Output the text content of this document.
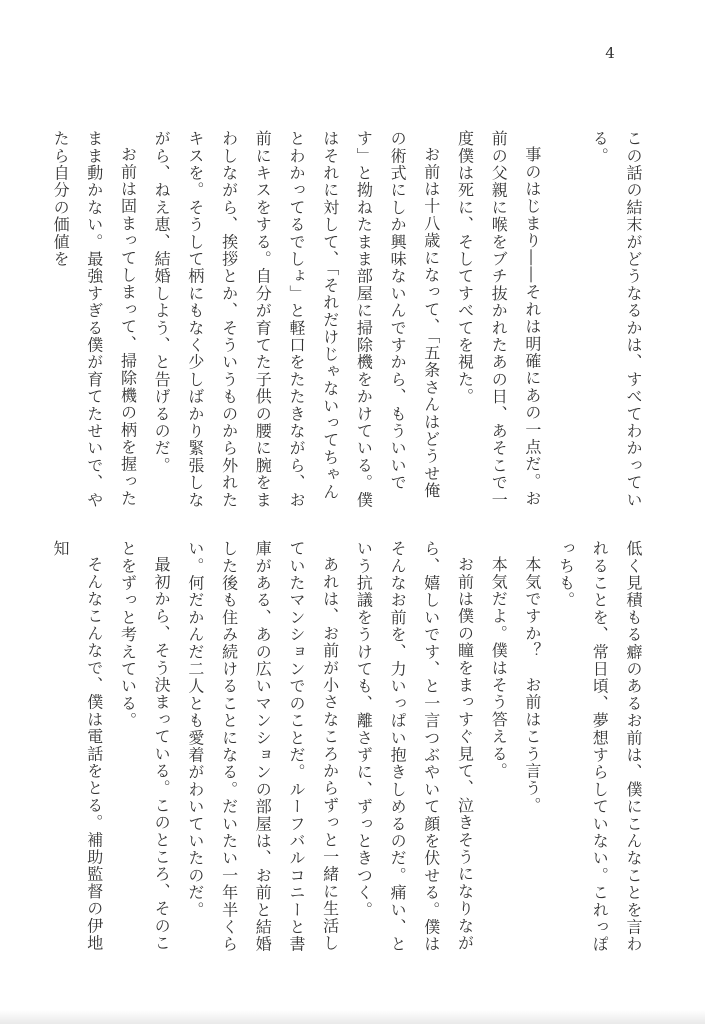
4

この話の結末がどうなるかは、すべてわかっている。

事のはじまり――それは明確にあの一点だ。お前の父親に喉をブチ抜かれたあの日、あそこで一度僕は死に、そしてすべてを視た。

お前は十八歳になって、「五条さんはどうせ俺の術式にしか興味ないんですから、もういいです」と拗ねたまま部屋に掃除機をかけている。僕はそれに対して、「それだけじゃないってちゃんとわかってるでしょ」と軽口をたたきながら、お前にキスをする。自分が育てた子供の腰に腕をまわしながら、挨拶とか、そういうものから外れたキスを。そうして柄にもなく少しばかり緊張しながら、ねえ恵、結婚しよう、と告げるのだ。

お前は固まってしまって、掃除機の柄を握ったまま動かない。最強すぎる僕が育てたせいで、やたら自分の価値を

低く見積もる癖のあるお前は、僕にこんなことを言われることを、常日頃、夢想すらしていない。これっぽっちも。

本気ですか？　お前はこう言う。

本気だよ。僕はそう答える。

お前は僕の瞳をまっすぐ見て、泣きそうになりながら、嬉しいです、と一言つぶやいて顔を伏せる。僕はそんなお前を、力いっぱい抱きしめるのだ。痛い、という抗議をうけても、離さずに、ずっときつく。

あれは、お前が小さなころからずっと一緒に生活していたマンションでのことだ。ルーフバルコニーと書庫がある、あの広いマンションの部屋は、お前と結婚した後も住み続けることになる。だいたい一年半くらい。何だかんだ二人とも愛着がわいていたのだ。

最初から、そう決まっている。このところ、そのことをずっと考えている。

そんなこんなで、僕は電話をとる。補助監督の伊地知
